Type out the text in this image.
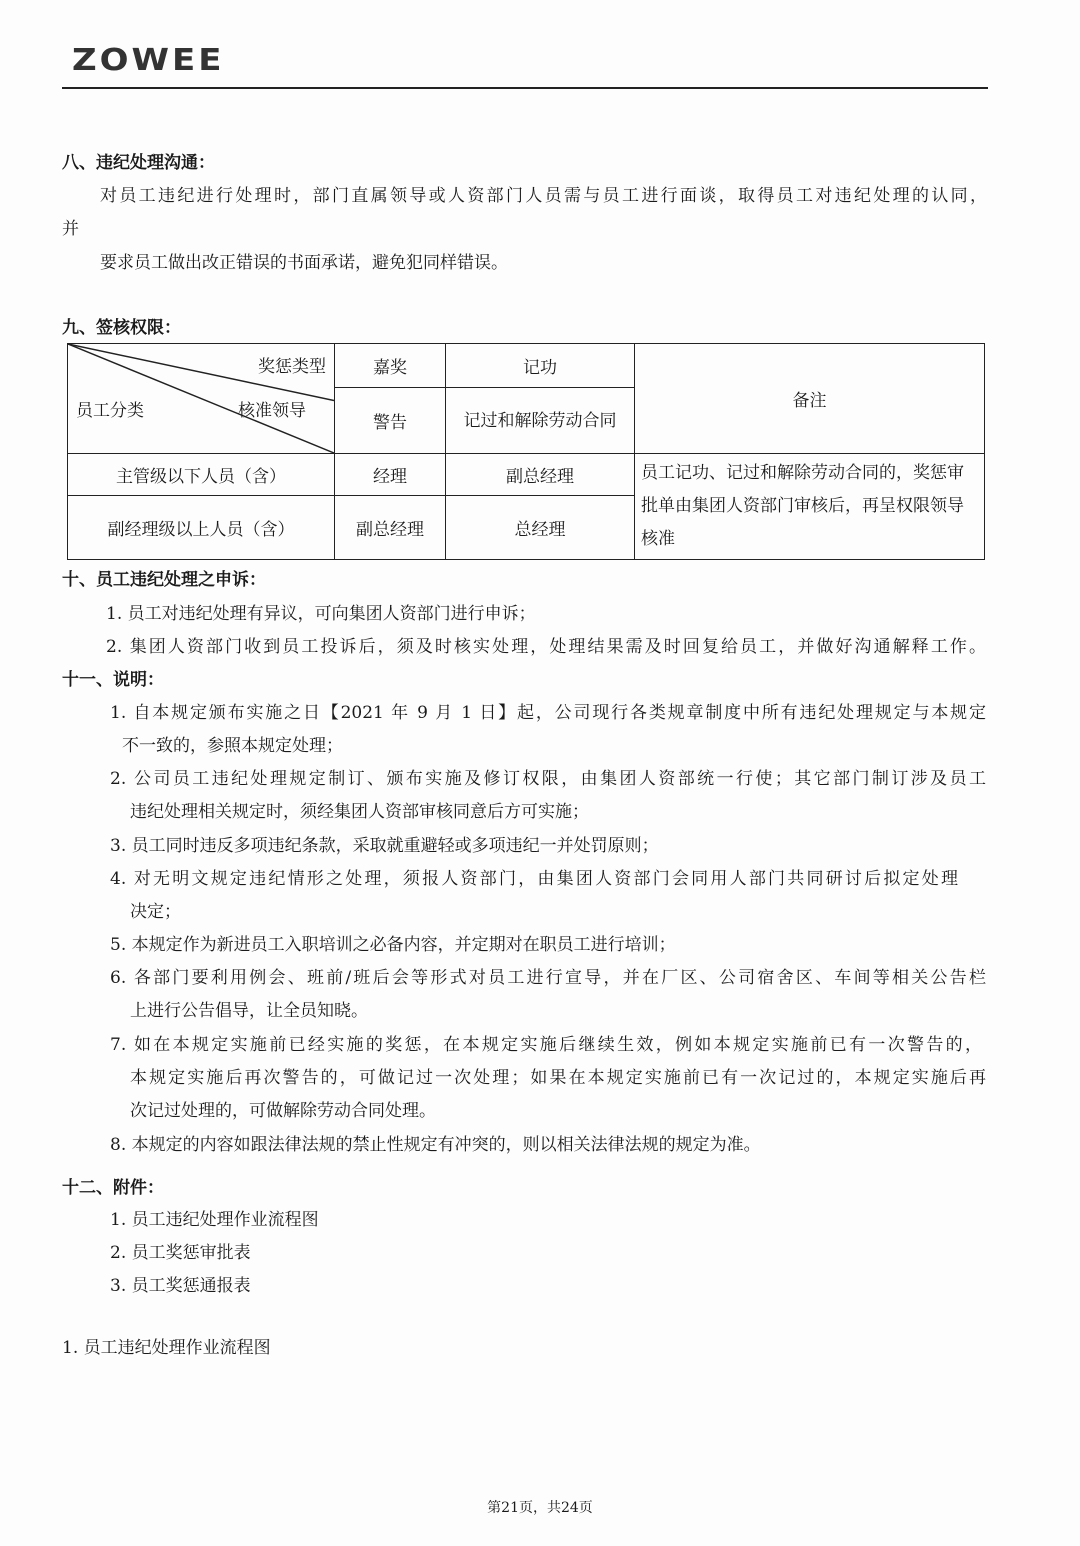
ZOWEE
八、违纪处理沟通：
对员工违纪进行处理时，部门直属领导或人资部门人员需与员工进行面谈，取得员工对违纪处理的认同，
并
要求员工做出改正错误的书面承诺，避免犯同样错误。
九、签核权限：
奖惩类型
核准领导
员工分类	嘉奖	记功	备注
	警告	记过和解除劳动合同	
主管级以下人员（含）	经理	副总经理	员工记功、记过和解除劳动合同的，奖惩审批单由集团人资部门审核后，再呈权限领导核准
副经理级以上人员（含）	副总经理	总经理	
十、员工违纪处理之申诉：
1. 员工对违纪处理有异议，可向集团人资部门进行申诉；
2. 集团人资部门收到员工投诉后，须及时核实处理，处理结果需及时回复给员工，并做好沟通解释工作。
十一、说明：
1. 自本规定颁布实施之日【2021 年 9 月 1 日】起，公司现行各类规章制度中所有违纪处理规定与本规定
不一致的，参照本规定处理；
2. 公司员工违纪处理规定制订、颁布实施及修订权限，由集团人资部统一行使；其它部门制订涉及员工
违纪处理相关规定时，须经集团人资部审核同意后方可实施；
3. 员工同时违反多项违纪条款，采取就重避轻或多项违纪一并处罚原则；
4. 对无明文规定违纪情形之处理，须报人资部门，由集团人资部门会同用人部门共同研讨后拟定处理
决定；
5. 本规定作为新进员工入职培训之必备内容，并定期对在职员工进行培训；
6. 各部门要利用例会、班前/班后会等形式对员工进行宣导，并在厂区、公司宿舍区、车间等相关公告栏
上进行公告倡导，让全员知晓。
7. 如在本规定实施前已经实施的奖惩，在本规定实施后继续生效，例如本规定实施前已有一次警告的，
本规定实施后再次警告的，可做记过一次处理；如果在本规定实施前已有一次记过的，本规定实施后再
次记过处理的，可做解除劳动合同处理。
8. 本规定的内容如跟法律法规的禁止性规定有冲突的，则以相关法律法规的规定为准。
十二、附件：
1. 员工违纪处理作业流程图
2. 员工奖惩审批表
3. 员工奖惩通报表
1. 员工违纪处理作业流程图
第21页，共24页
